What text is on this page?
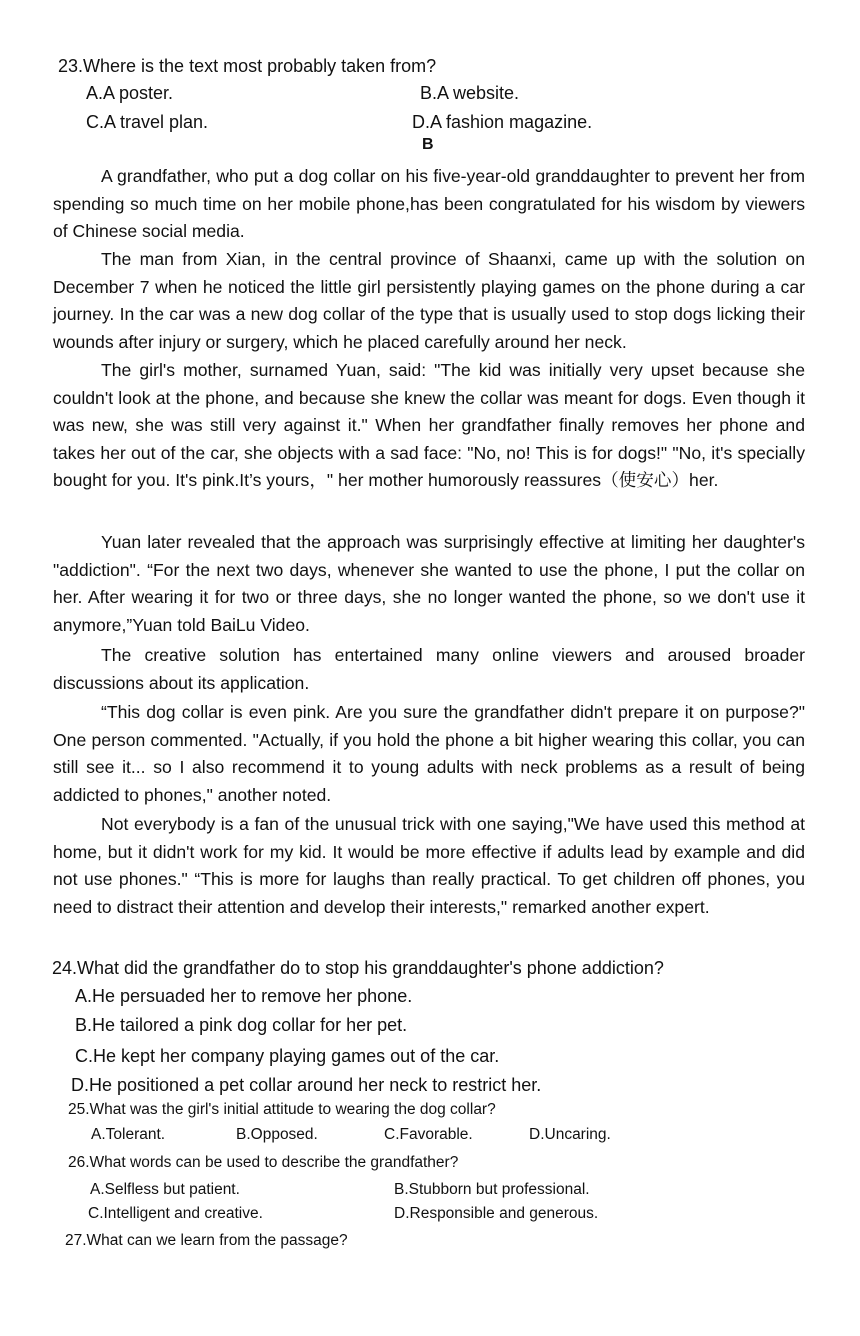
23.Where is the text most probably taken from?
A.A poster.	B.A website.
C.A travel plan.	D.A fashion magazine.
B

A grandfather, who put a dog collar on his five-year-old granddaughter to prevent her from spending so much time on her mobile phone,has been congratulated for his wisdom by viewers of Chinese social media.

The man from Xian, in the central province of Shaanxi, came up with the solution on December 7 when he noticed the little girl persistently playing games on the phone during a car journey. In the car was a new dog collar of the type that is usually used to stop dogs licking their wounds after injury or surgery, which he placed carefully around her neck.

The girl's mother, surnamed Yuan, said: "The kid was initially very upset because she couldn't look at the phone, and because she knew the collar was meant for dogs. Even though it was new, she was still very against it." When her grandfather finally removes her phone and takes her out of the car, she objects with a sad face: "No, no! This is for dogs!" "No, it's specially bought for you. It's pink.It’s yours，" her mother humorously reassures（使安心）her.

Yuan later revealed that the approach was surprisingly effective at limiting her daughter's "addiction". “For the next two days, whenever she wanted to use the phone, I put the collar on her. After wearing it for two or three days, she no longer wanted the phone, so we don't use it anymore,”Yuan told BaiLu Video.

The creative solution has entertained many online viewers and aroused broader discussions about its application.

“This dog collar is even pink. Are you sure the grandfather didn't prepare it on purpose?" One person commented. "Actually, if you hold the phone a bit higher wearing this collar, you can still see it... so I also recommend it to young adults with neck problems as a result of being addicted to phones," another noted.

Not everybody is a fan of the unusual trick with one saying,"We have used this method at home, but it didn't work for my kid. It would be more effective if adults lead by example and did not use phones." “This is more for laughs than really practical. To get children off phones, you need to distract their attention and develop their interests," remarked another expert.

24.What did the grandfather do to stop his granddaughter's phone addiction?
A.He persuaded her to remove her phone.
B.He tailored a pink dog collar for her pet.
C.He kept her company playing games out of the car.
D.He positioned a pet collar around her neck to restrict her.
25.What was the girl's initial attitude to wearing the dog collar?
A.Tolerant.	B.Opposed.	C.Favorable.	D.Uncaring.
26.What words can be used to describe the grandfather?
A.Selfless but patient.	B.Stubborn but professional.
C.Intelligent and creative.	D.Responsible and generous.
27.What can we learn from the passage?
